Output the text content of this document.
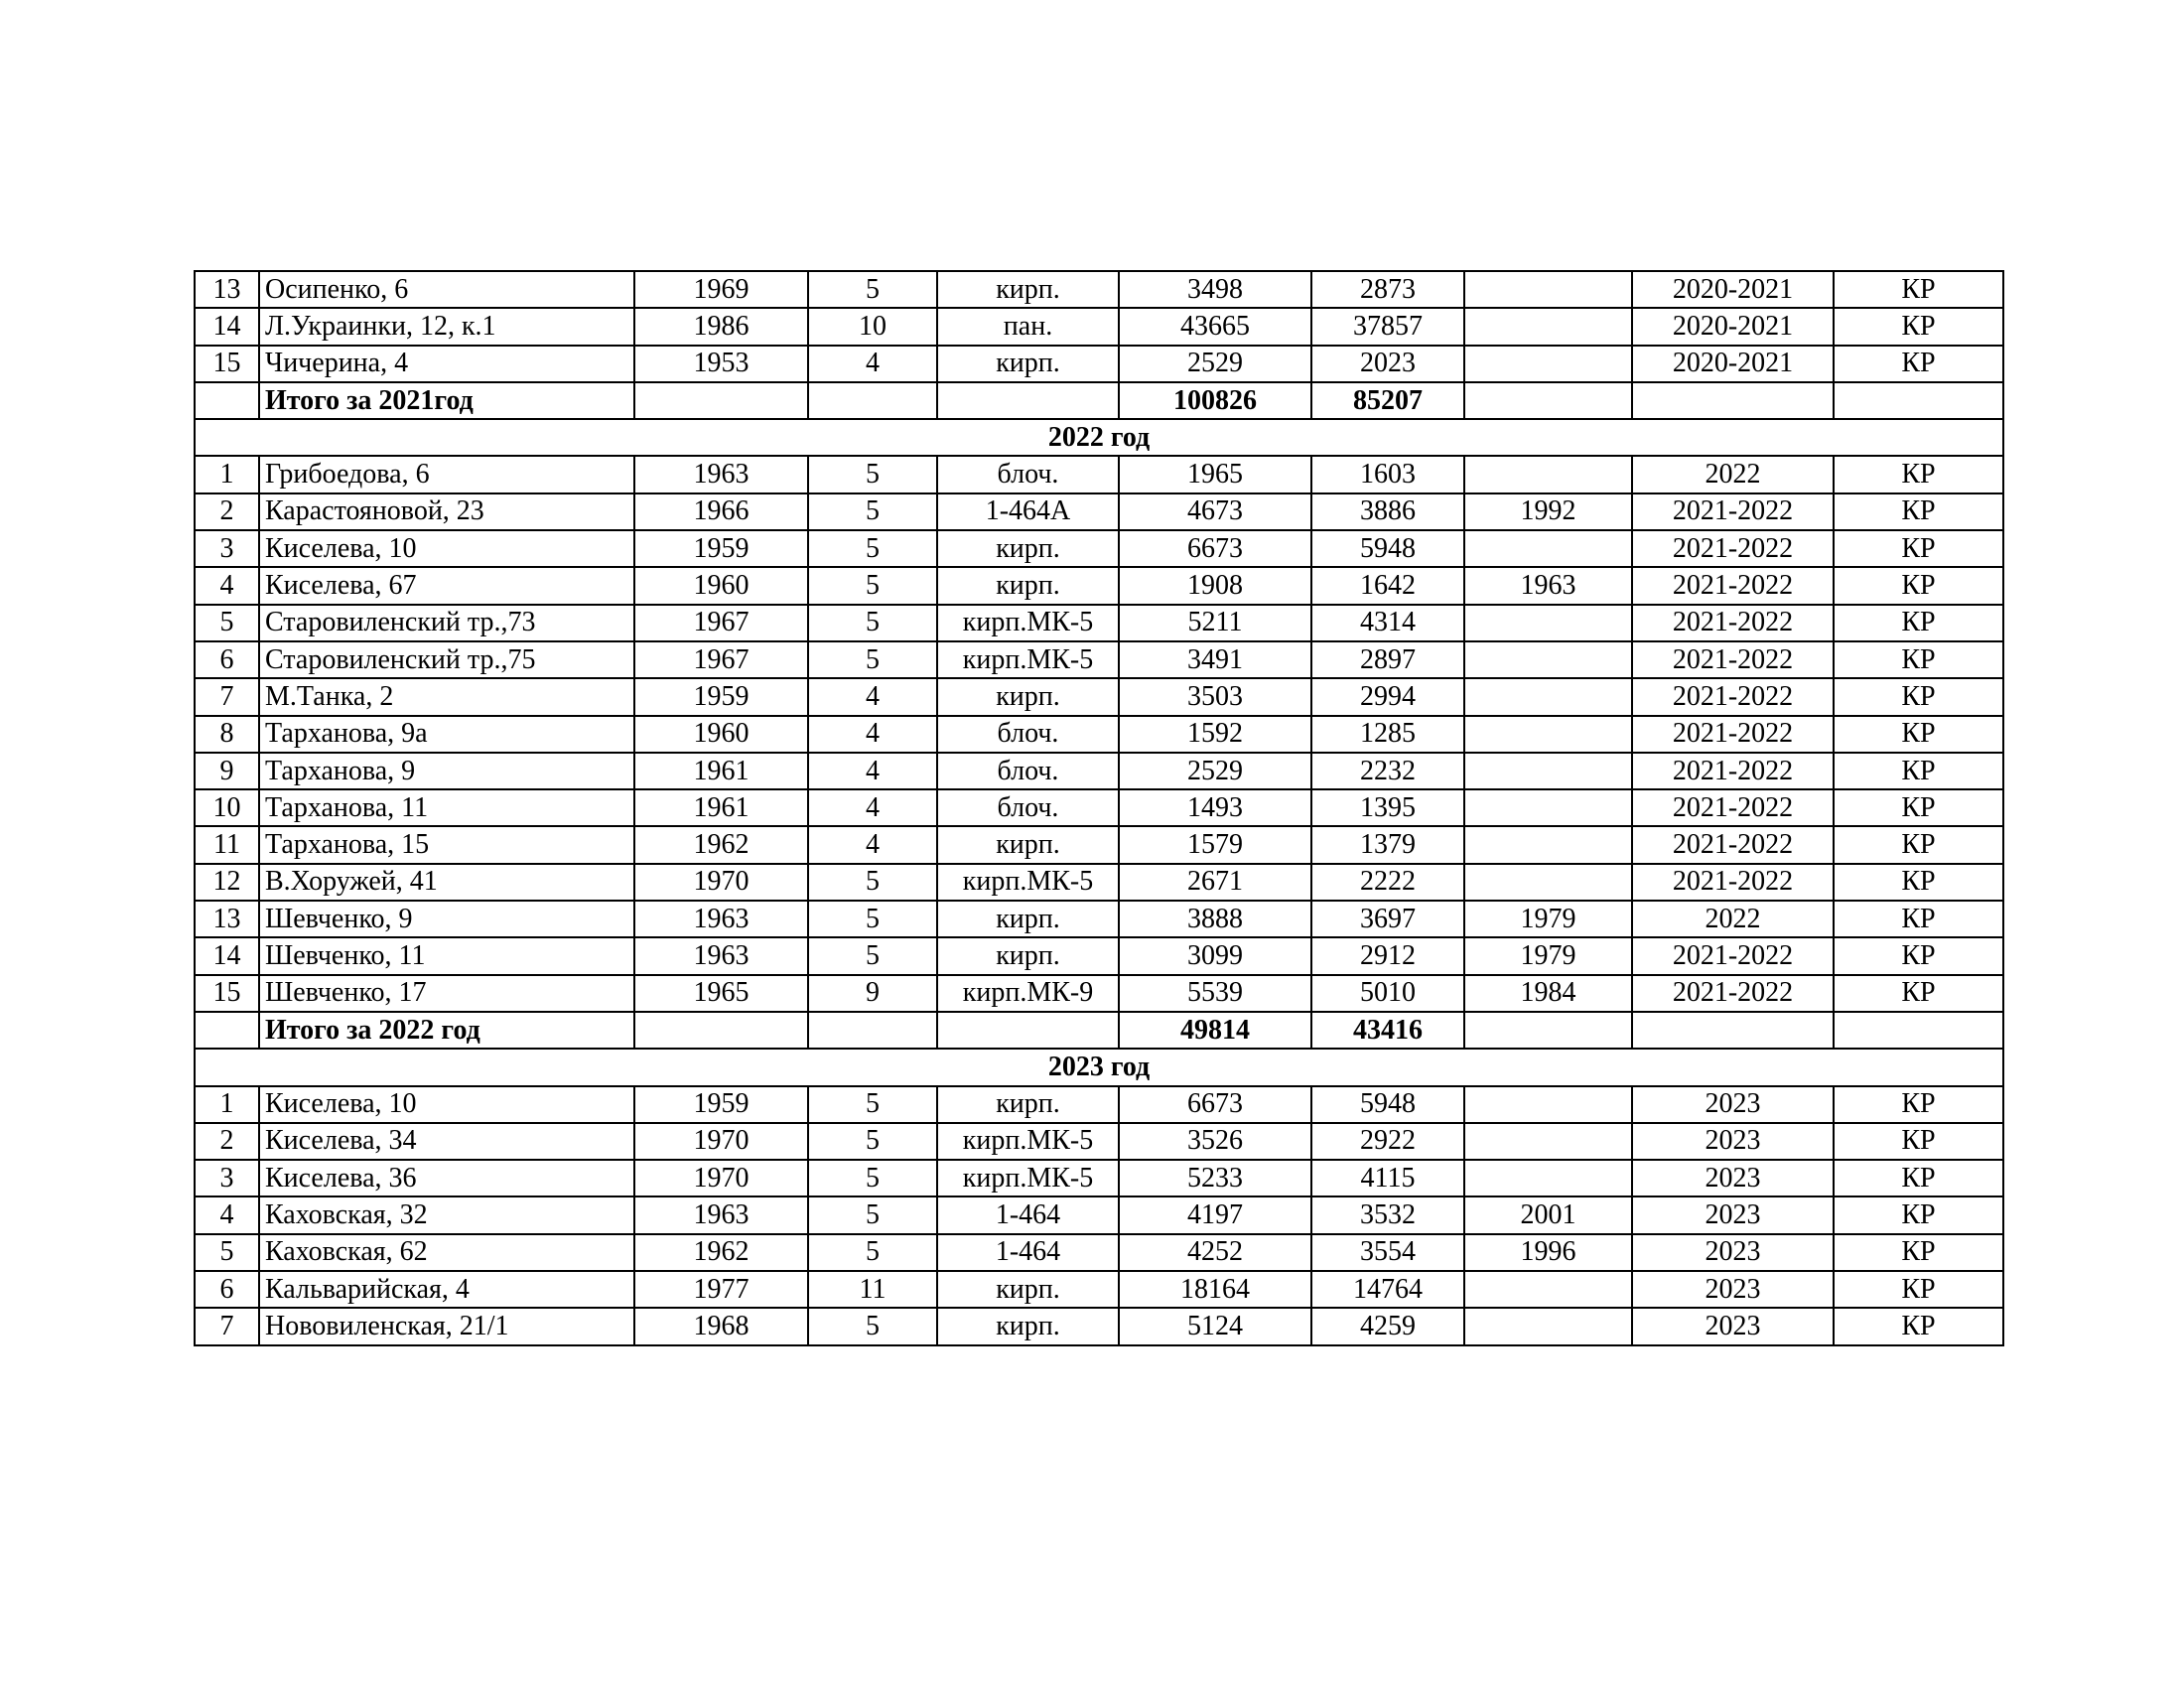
13	Осипенко, 6	1969	5	кирп.	3498	2873		2020-2021	КР
14	Л.Украинки, 12, к.1	1986	10	пан.	43665	37857		2020-2021	КР
15	Чичерина, 4	1953	4	кирп.	2529	2023		2020-2021	КР
	Итого за 2021год				100826	85207			
2022 год									
1	Грибоедова, 6	1963	5	блоч.	1965	1603		2022	КР
2	Карастояновой, 23	1966	5	1-464А	4673	3886	1992	2021-2022	КР
3	Киселева, 10	1959	5	кирп.	6673	5948		2021-2022	КР
4	Киселева, 67	1960	5	кирп.	1908	1642	1963	2021-2022	КР
5	Старовиленский тр.,73	1967	5	кирп.МК-5	5211	4314		2021-2022	КР
6	Старовиленский тр.,75	1967	5	кирп.МК-5	3491	2897		2021-2022	КР
7	М.Танка, 2	1959	4	кирп.	3503	2994		2021-2022	КР
8	Тарханова, 9а	1960	4	блоч.	1592	1285		2021-2022	КР
9	Тарханова, 9	1961	4	блоч.	2529	2232		2021-2022	КР
10	Тарханова, 11	1961	4	блоч.	1493	1395		2021-2022	КР
11	Тарханова, 15	1962	4	кирп.	1579	1379		2021-2022	КР
12	В.Хоружей, 41	1970	5	кирп.МК-5	2671	2222		2021-2022	КР
13	Шевченко, 9	1963	5	кирп.	3888	3697	1979	2022	КР
14	Шевченко, 11	1963	5	кирп.	3099	2912	1979	2021-2022	КР
15	Шевченко, 17	1965	9	кирп.МК-9	5539	5010	1984	2021-2022	КР
	Итого за 2022 год				49814	43416			
2023 год									
1	Киселева, 10	1959	5	кирп.	6673	5948		2023	КР
2	Киселева, 34	1970	5	кирп.МК-5	3526	2922		2023	КР
3	Киселева, 36	1970	5	кирп.МК-5	5233	4115		2023	КР
4	Каховская, 32	1963	5	1-464	4197	3532	2001	2023	КР
5	Каховская, 62	1962	5	1-464	4252	3554	1996	2023	КР
6	Кальварийская, 4	1977	11	кирп.	18164	14764		2023	КР
7	Нововиленская, 21/1	1968	5	кирп.	5124	4259		2023	КР
